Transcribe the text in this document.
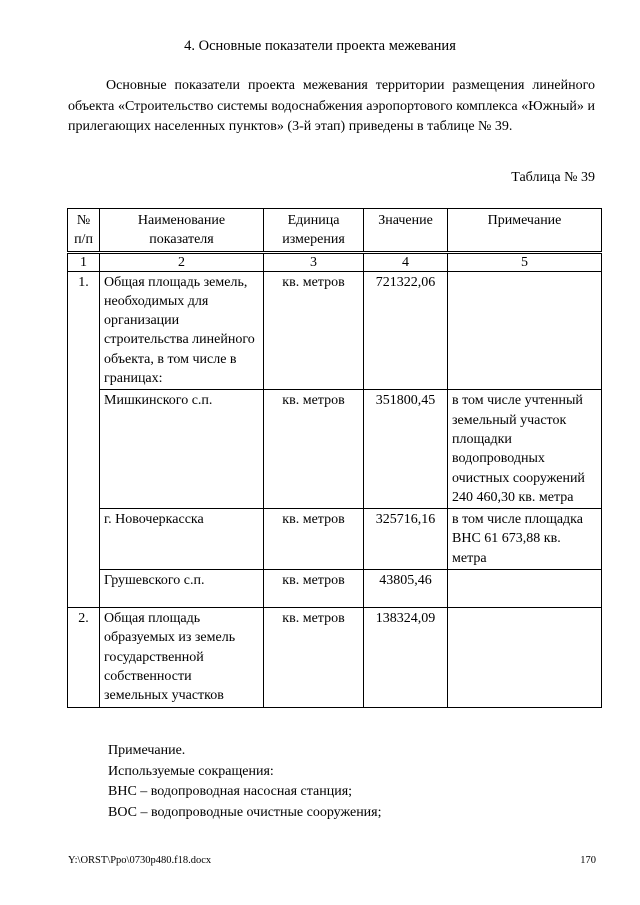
4. Основные показатели проекта межевания

Основные показатели проекта межевания территории размещения линейного объекта «Строительство системы водоснабжения аэропортового комплекса «Южный» и прилегающих населенных пунктов» (3-й этап) приведены в таблице № 39.

Таблица № 39
№ п/п	Наименование показателя	Единица измерения	Значение	Примечание
1	2	3	4	5
1.	Общая площадь земель, необходимых для организации строительства линейного объекта, в том числе в границах:	кв. метров	721322,06	
	Мишкинского с.п.	кв. метров	351800,45	в том числе учтенный земельный участок площадки водопроводных очистных сооружений 240 460,30 кв. метра
	г. Новочеркасска	кв. метров	325716,16	в том числе площадка ВНС 61 673,88 кв. метра
	Грушевского с.п.	кв. метров	43805,46	
2.	Общая площадь образуемых из земель государственной собственности земельных участков	кв. метров	138324,09	
Примечание.
Используемые сокращения:
ВНС – водопроводная насосная станция;
ВОС – водопроводные очистные сооружения;
Y:\ORST\Ppo\0730p480.f18.docx	170
